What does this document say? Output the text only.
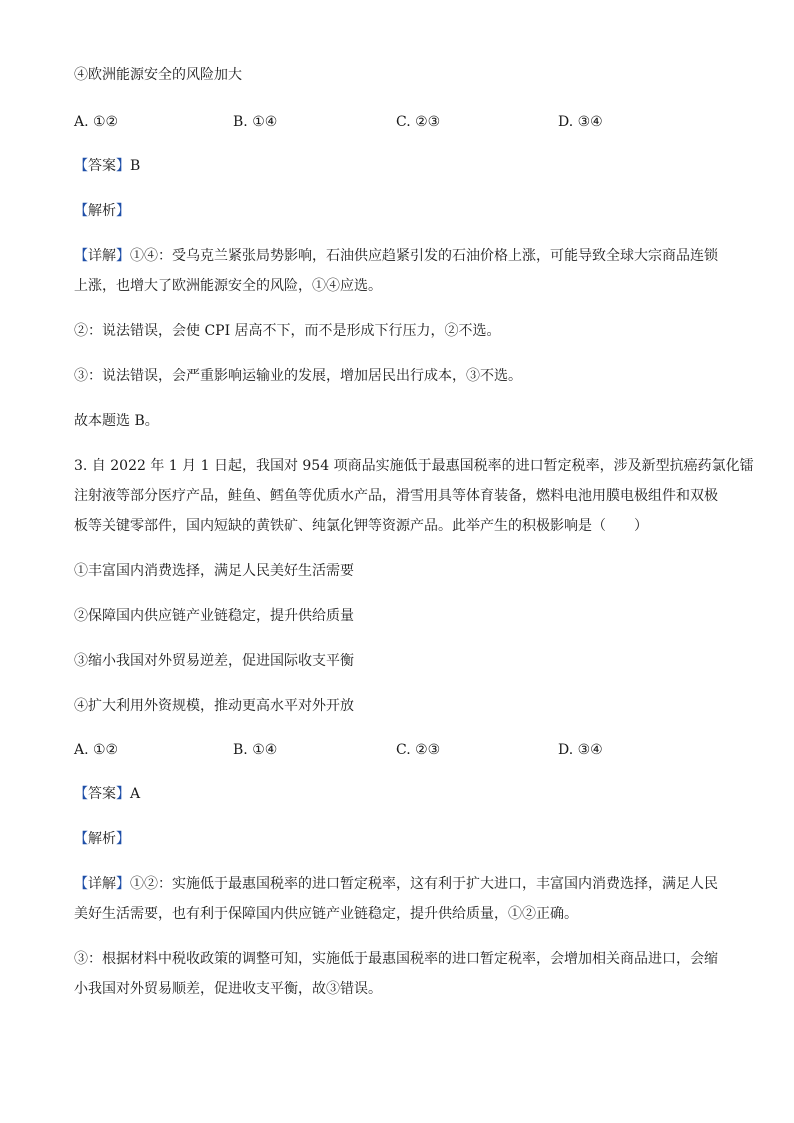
④欧洲能源安全的风险加大
A. ①②	B. ①④	C. ②③	D. ③④
【答案】B
【解析】
【详解】①④：受乌克兰紧张局势影响，石油供应趋紧引发的石油价格上涨，可能导致全球大宗商品连锁
上涨，也增大了欧洲能源安全的风险，①④应选。
②：说法错误，会使 CPI 居高不下，而不是形成下行压力，②不选。
③：说法错误，会严重影响运输业的发展，增加居民出行成本，③不选。
故本题选 B。
3. 自 2022 年 1 月 1 日起，我国对 954 项商品实施低于最惠国税率的进口暂定税率，涉及新型抗癌药氯化镭
注射液等部分医疗产品，鲑鱼、鳕鱼等优质水产品，滑雪用具等体育装备，燃料电池用膜电极组件和双极
板等关键零部件，国内短缺的黄铁矿、纯氯化钾等资源产品。此举产生的积极影响是（　　）
①丰富国内消费选择，满足人民美好生活需要
②保障国内供应链产业链稳定，提升供给质量
③缩小我国对外贸易逆差，促进国际收支平衡
④扩大利用外资规模，推动更高水平对外开放
A. ①②	B. ①④	C. ②③	D. ③④
【答案】A
【解析】
【详解】①②：实施低于最惠国税率的进口暂定税率，这有利于扩大进口，丰富国内消费选择，满足人民
美好生活需要，也有利于保障国内供应链产业链稳定，提升供给质量，①②正确。
③：根据材料中税收政策的调整可知，实施低于最惠国税率的进口暂定税率，会增加相关商品进口，会缩
小我国对外贸易顺差，促进收支平衡，故③错误。
